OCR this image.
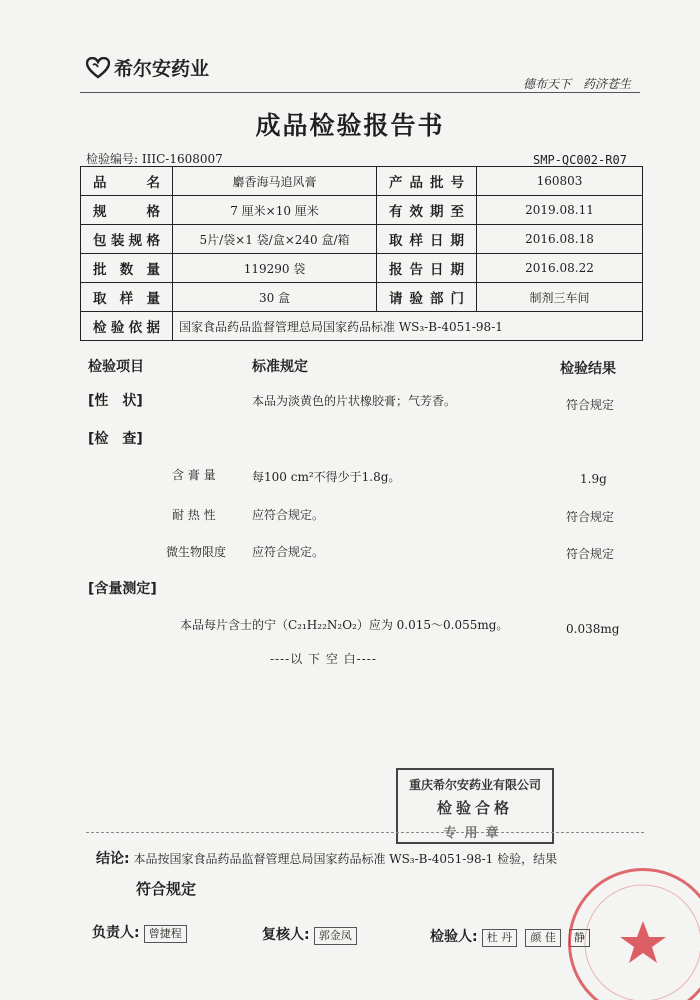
希尔安药业
德布天下　药济苍生
成品检验报告书
检验编号: IIIC-1608007	SMP-QC002-R07
品　　名	麝香海马追风膏	产品批号	160803
规　　格	7 厘米×10 厘米	有效期至	2019.08.11
包装规格	5片/袋×1 袋/盒×240 盒/箱	取样日期	2016.08.18
批 数 量	119290 袋	报告日期	2016.08.22
取 样 量	30 盒	请验部门	制剂三车间
检验依据	国家食品药品监督管理总局国家药品标准 WS₃-B-4051-98-1		
检验项目	标准规定	检验结果
[性　状]	本品为淡黄色的片状橡胶膏；气芳香。	符合规定
[检　查]
含 膏 量	每100 cm²不得少于1.8g。	1.9g
耐 热 性	应符合规定。	符合规定
微生物限度 应符合规定。	符合规定
[含量测定]
本品每片含士的宁（C₂₁H₂₂N₂O₂）应为 0.015～0.055mg。	0.038mg
----以 下 空 白----
重庆希尔安药业有限公司
检验合格
专用章
结论: 本品按国家食品药品监督管理总局国家药品标准 WS₃-B-4051-98-1 检验，结果
符合规定
负责人: 曾捷程	复核人: 郭金凤	检验人: 杜 丹 颜 佳 静
